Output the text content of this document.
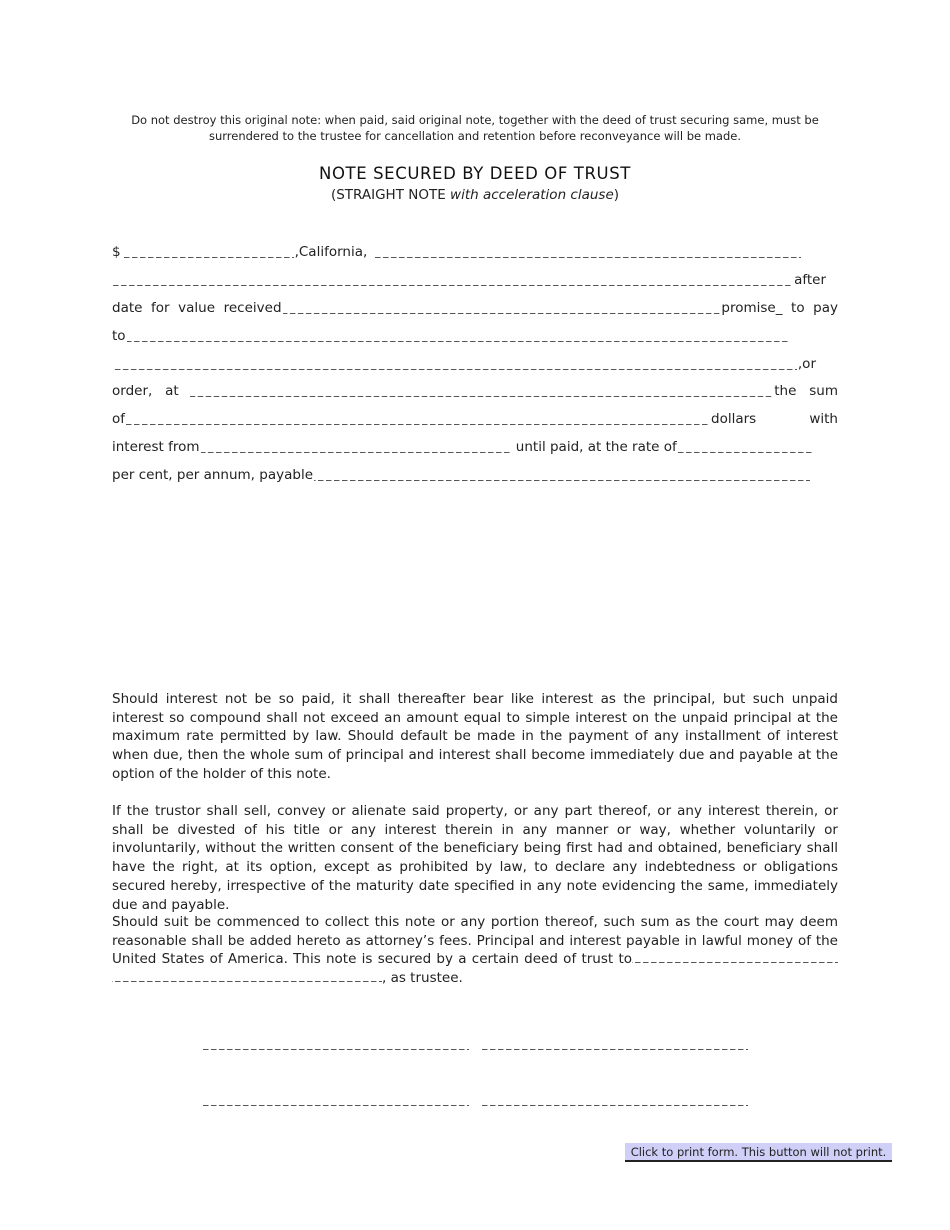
Do not destroy this original note: when paid, said original note, together with the deed of trust securing same, must be surrendered to the trustee for cancellation and retention before reconveyance will be made.
NOTE SECURED BY DEED OF TRUST
(STRAIGHT NOTE with acceleration clause)
$	,California,
after
date  for  value  received	promise_  to  pay
to
,or
order,   at	the   sum
of	dollars	with
interest from	until paid, at the rate of
per cent, per annum, payable
Should interest not be so paid, it shall thereafter bear like interest as the principal, but such unpaid interest so compound shall not exceed an amount equal to simple interest on the unpaid principal at the maximum rate permitted by law. Should default be made in the payment of any installment of interest when due, then the whole sum of principal and interest shall become immediately due and payable at the option of the holder of this note.
If the trustor shall sell, convey or alienate said property, or any part thereof, or any interest therein, or shall be divested of his title or any interest therein in any manner or way, whether voluntarily or involuntarily, without the written consent of the beneficiary being first had and obtained, beneficiary shall have the right, at its option, except as prohibited by law, to declare any indebtedness or obligations secured hereby, irrespective of the maturity date specified in any note evidencing the same, immediately due and payable.
Should suit be commenced to collect this note or any portion thereof, such sum as the court may deem reasonable shall be added hereto as attorney’s fees. Principal and interest payable in lawful money of the United States of America. This note is secured by a certain deed of trust to , as trustee.
Click to print form. This button will not print.
